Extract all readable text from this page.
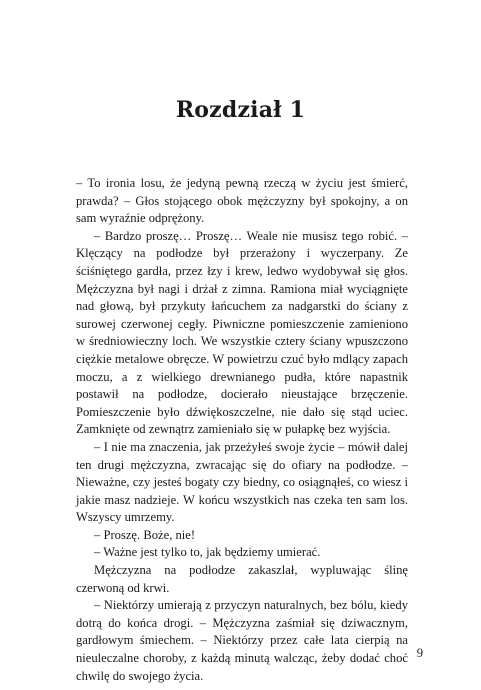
Rozdział 1

– To ironia losu, że jedyną pewną rzeczą w życiu jest śmierć, prawda? – Głos stojącego obok mężczyzny był spokojny, a on sam wyraźnie odprężony.

– Bardzo proszę… Proszę… Weale nie musisz tego robić. – Klęczący na podłodze był przerażony i wyczerpany. Ze ściśniętego gardła, przez łzy i krew, ledwo wydobywał się głos. Mężczyzna był nagi i drżał z zimna. Ramiona miał wyciągnięte nad głową, był przykuty łańcuchem za nadgarstki do ściany z surowej czerwonej cegły. Piwniczne pomieszczenie zamieniono w średniowieczny loch. We wszystkie cztery ściany wpuszczono ciężkie metalowe obręcze. W powietrzu czuć było mdlący zapach moczu, a z wielkiego drewnianego pudła, które napastnik postawił na podłodze, docierało nieustające brzęczenie. Pomieszczenie było dźwiękoszczelne, nie dało się stąd uciec. Zamknięte od zewnątrz zamieniało się w pułapkę bez wyjścia.

– I nie ma znaczenia, jak przeżyłeś swoje życie – mówił dalej ten drugi mężczyzna, zwracając się do ofiary na podłodze. – Nieważne, czy jesteś bogaty czy biedny, co osiągnąłeś, co wiesz i jakie masz nadzieje. W końcu wszystkich nas czeka ten sam los. Wszyscy umrzemy.

– Proszę. Boże, nie!

– Ważne jest tylko to, jak będziemy umierać.

Mężczyzna na podłodze zakaszlał, wypluwając ślinę czerwoną od krwi.

– Niektórzy umierają z przyczyn naturalnych, bez bólu, kiedy dotrą do końca drogi. – Mężczyzna zaśmiał się dziwacznym, gardłowym śmiechem. – Niektórzy przez całe lata cierpią na nieuleczalne choroby, z każdą minutą walcząc, żeby dodać choć chwilę do swojego życia.

9
